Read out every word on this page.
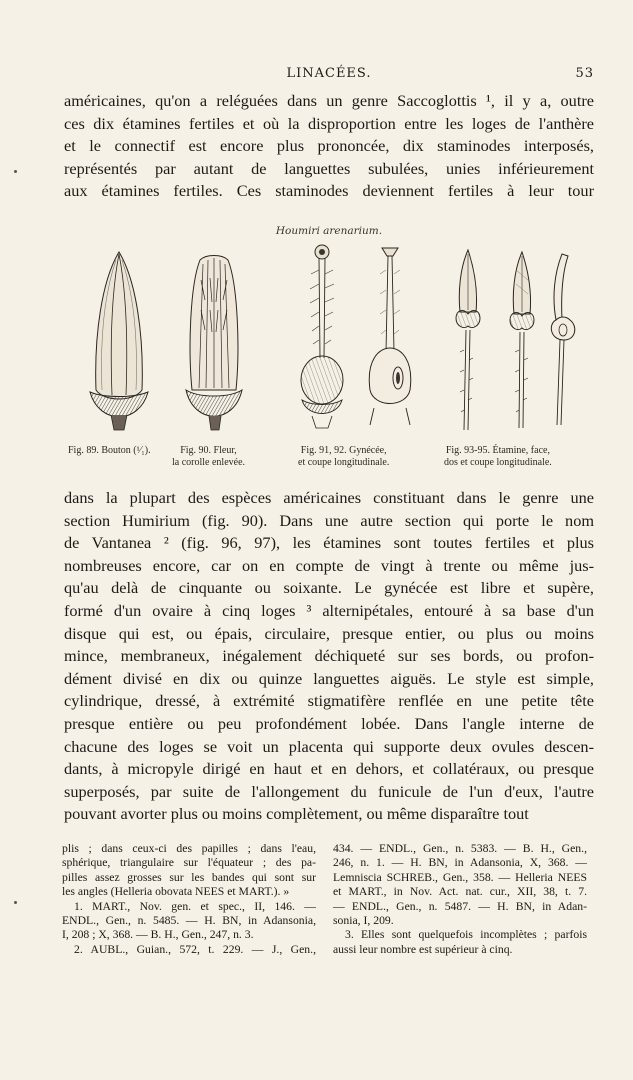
LINACÉES.	53
américaines, qu'on a reléguées dans un genre Saccoglottis ¹, il y a, outre
ces dix étamines fertiles et où la disproportion entre les loges de l'anthère
et le connectif est encore plus prononcée, dix staminodes interposés,
représentés par autant de languettes subulées, unies inférieurement
aux étamines fertiles. Ces staminodes deviennent fertiles à leur tour
Houmiri arenarium.
Fig. 89. Bouton (¹⁄₁).	Fig. 90. Fleur,
la corolle enlevée.
Fig. 91, 92. Gynécée,
et coupe longitudinale.
Fig. 93-95. Étamine, face,
dos et coupe longitudinale.
dans la plupart des espèces américaines constituant dans le genre une
section Humirium (fig. 90). Dans une autre section qui porte le nom
de Vantanea ² (fig. 96, 97), les étamines sont toutes fertiles et plus
nombreuses encore, car on en compte de vingt à trente ou même jus-
qu'au delà de cinquante ou soixante. Le gynécée est libre et supère,
formé d'un ovaire à cinq loges ³ alternipétales, entouré à sa base d'un
disque qui est, ou épais, circulaire, presque entier, ou plus ou moins
mince, membraneux, inégalement déchiqueté sur ses bords, ou profon-
dément divisé en dix ou quinze languettes aiguës. Le style est simple,
cylindrique, dressé, à extrémité stigmatifère renflée en une petite tête
presque entière ou peu profondément lobée. Dans l'angle interne de
chacune des loges se voit un placenta qui supporte deux ovules descen-
dants, à micropyle dirigé en haut et en dehors, et collatéraux, ou presque
superposés, par suite de l'allongement du funicule de l'un d'eux, l'autre
pouvant avorter plus ou moins complètement, ou même disparaître tout
plis ; dans ceux-ci des papilles ; dans l'eau,
sphérique, triangulaire sur l'équateur ; des pa-
pilles assez grosses sur les bandes qui sont sur
les angles (Helleria obovata NEES et MART.). »
1. MART., Nov. gen. et spec., II, 146. —
ENDL., Gen., n. 5485. — H. BN, in Adansonia,
I, 208 ; X, 368. — B. H., Gen., 247, n. 3.
2. AUBL., Guian., 572, t. 229. — J., Gen.,
434. — ENDL., Gen., n. 5383. — B. H., Gen.,
246, n. 1. — H. BN, in Adansonia, X, 368. —
Lemniscia SCHREB., Gen., 358. — Helleria NEES
et MART., in Nov. Act. nat. cur., XII, 38, t. 7.
— ENDL., Gen., n. 5487. — H. BN, in Adan-
sonia, I, 209.
3. Elles sont quelquefois incomplètes ; parfois
aussi leur nombre est supérieur à cinq.
